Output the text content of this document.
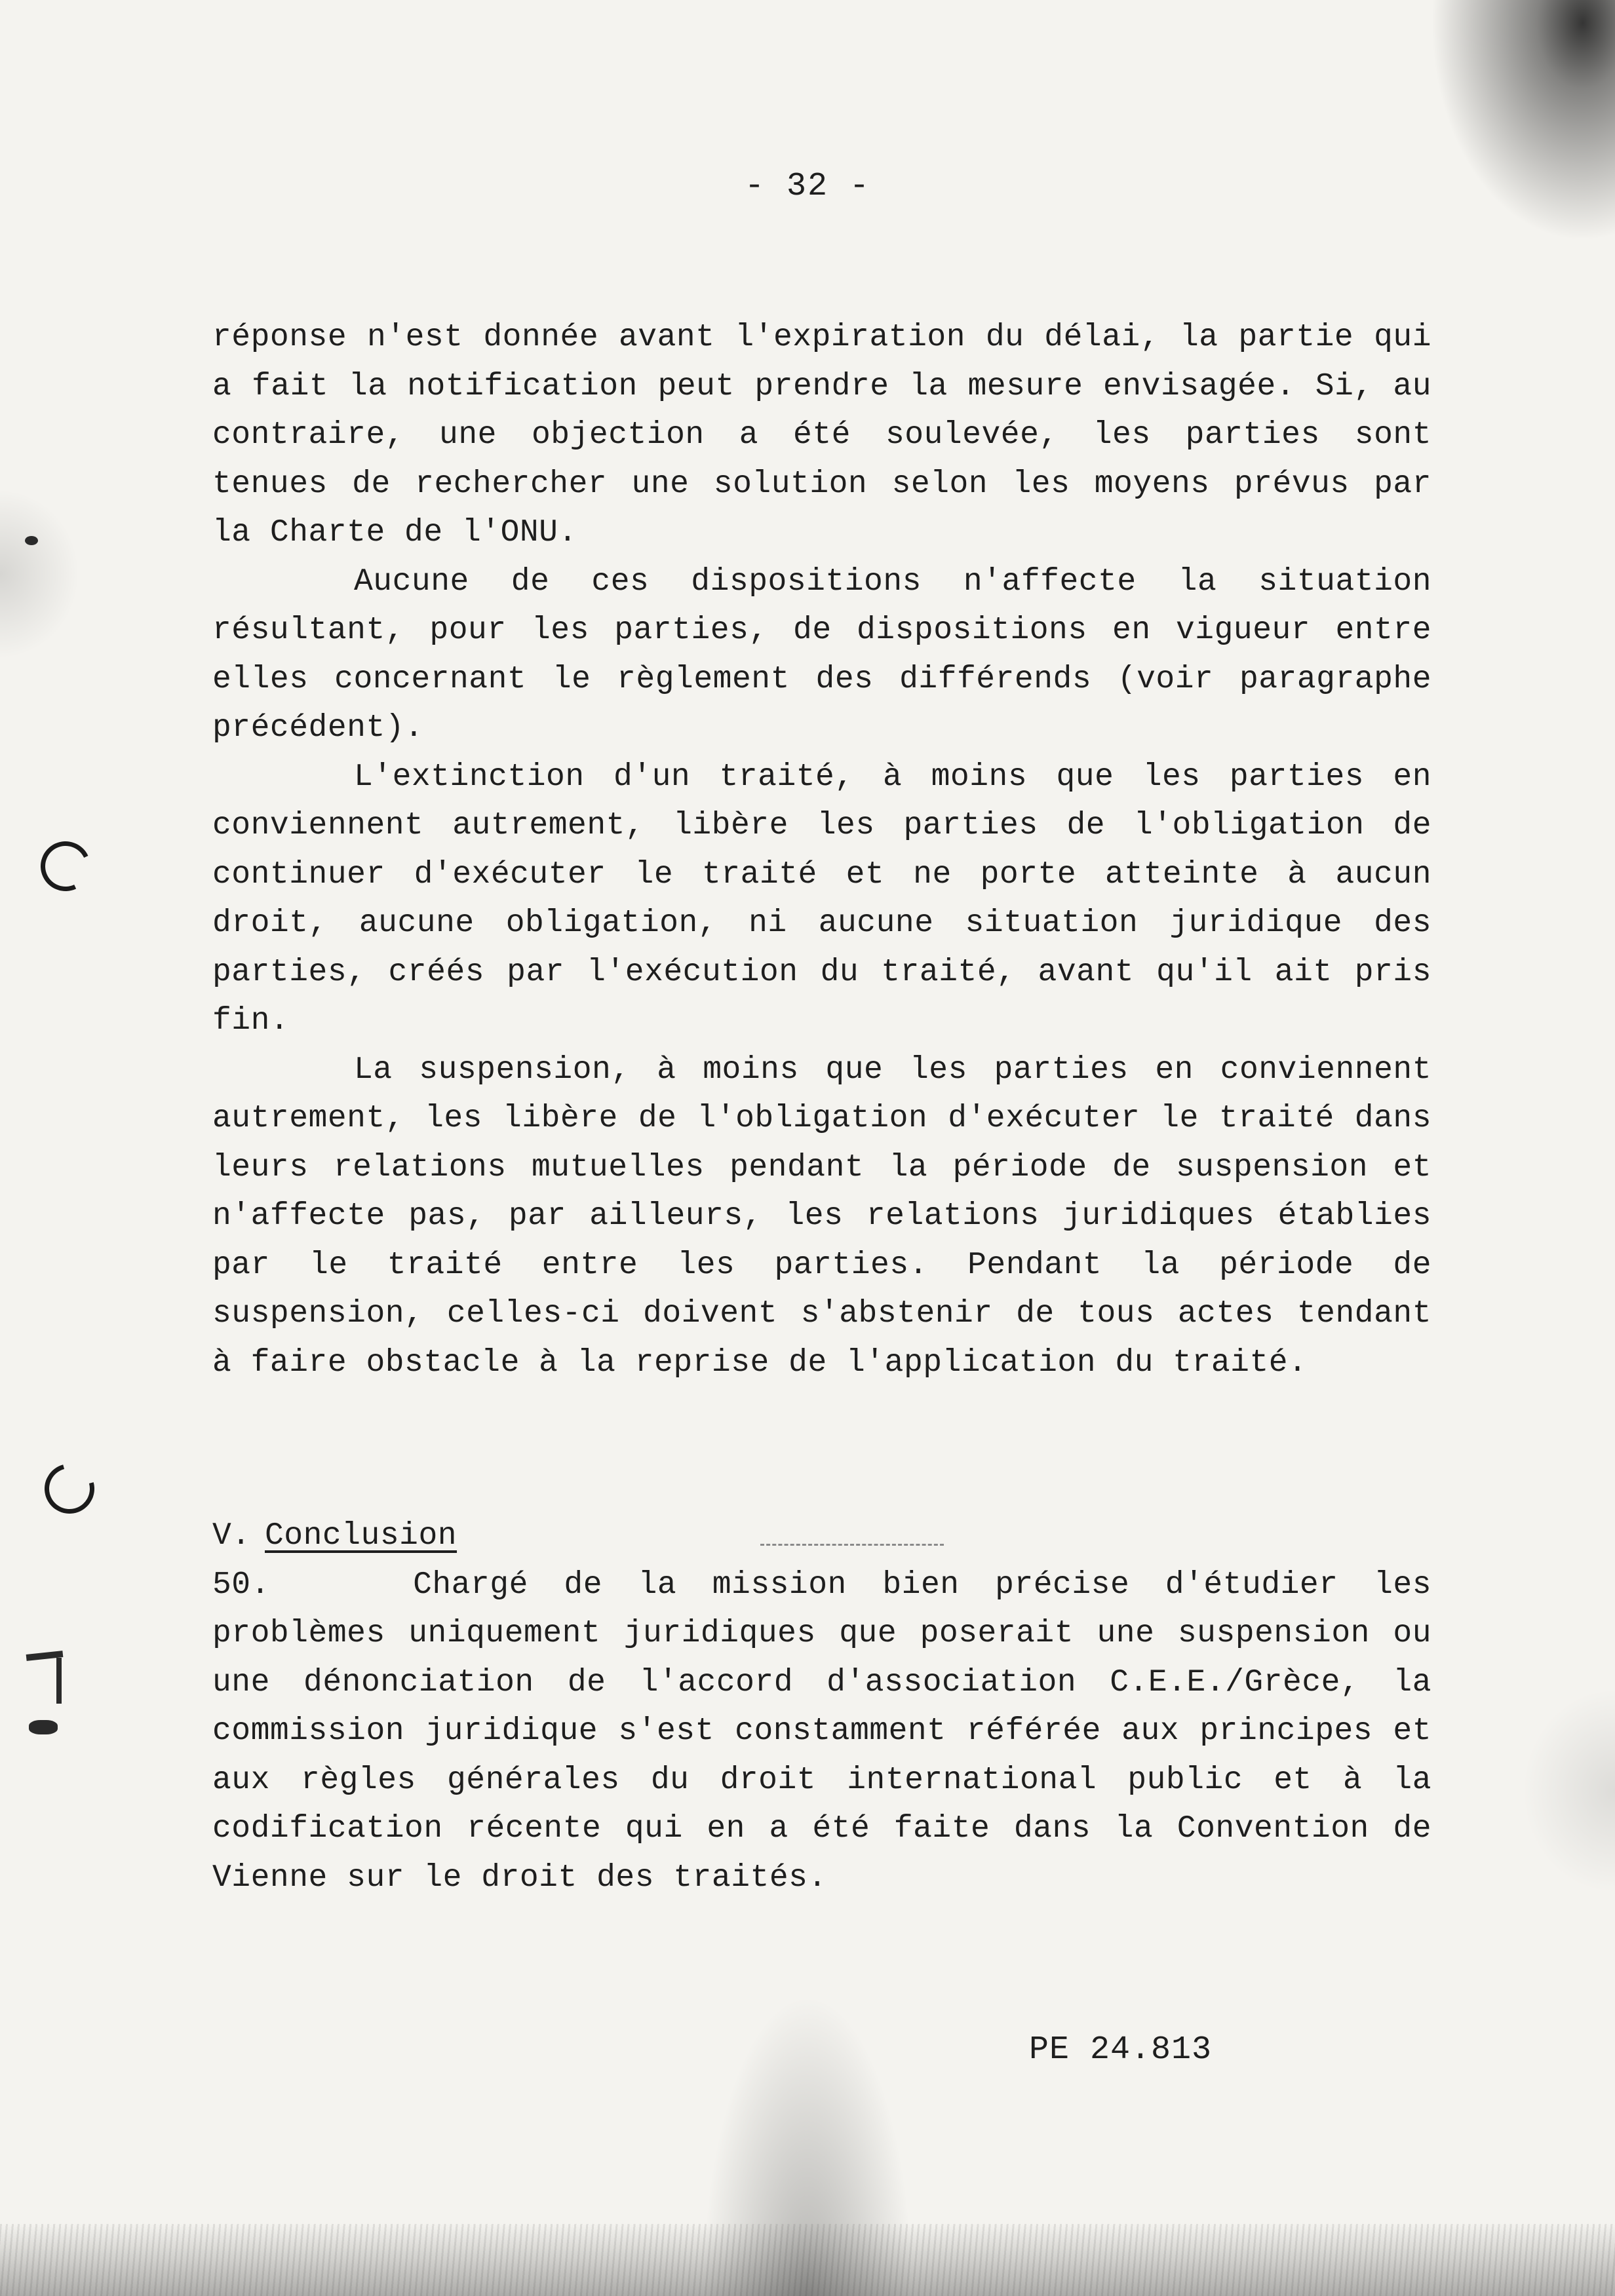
- 32 -

réponse n'est donnée avant l'expiration du délai, la partie qui a fait la notification peut prendre la mesure envisagée. Si, au contraire, une objection a été soulevée, les parties sont tenues de rechercher une solution selon les moyens prévus par la Charte de l'ONU.

Aucune de ces dispositions n'affecte la situation résultant, pour les parties, de dispositions en vigueur entre elles concernant le règlement des différends (voir paragraphe précédent).

L'extinction d'un traité, à moins que les parties en conviennent autrement, libère les parties de l'obligation de continuer d'exécuter le traité et ne porte atteinte à aucun droit, aucune obligation, ni aucune situation juridique des parties, créés par l'exécution du traité, avant qu'il ait pris fin.

La suspension, à moins que les parties en conviennent autrement, les libère de l'obligation d'exécuter le traité dans leurs relations mutuelles pendant la période de suspension et n'affecte pas, par ailleurs, les relations juridiques établies par le traité entre les parties. Pendant la période de suspension, celles-ci doivent s'abstenir de tous actes tendant à faire obstacle à la reprise de l'application du traité.

V. Conclusion

50.	Chargé de la mission bien précise d'étudier les problèmes uniquement juridiques que poserait une suspension ou une dénonciation de l'accord d'association C.E.E./Grèce, la commission juridique s'est constamment référée aux principes et aux règles générales du droit international public et à la codification récente qui en a été faite dans la Convention de Vienne sur le droit des traités.

PE 24.813
